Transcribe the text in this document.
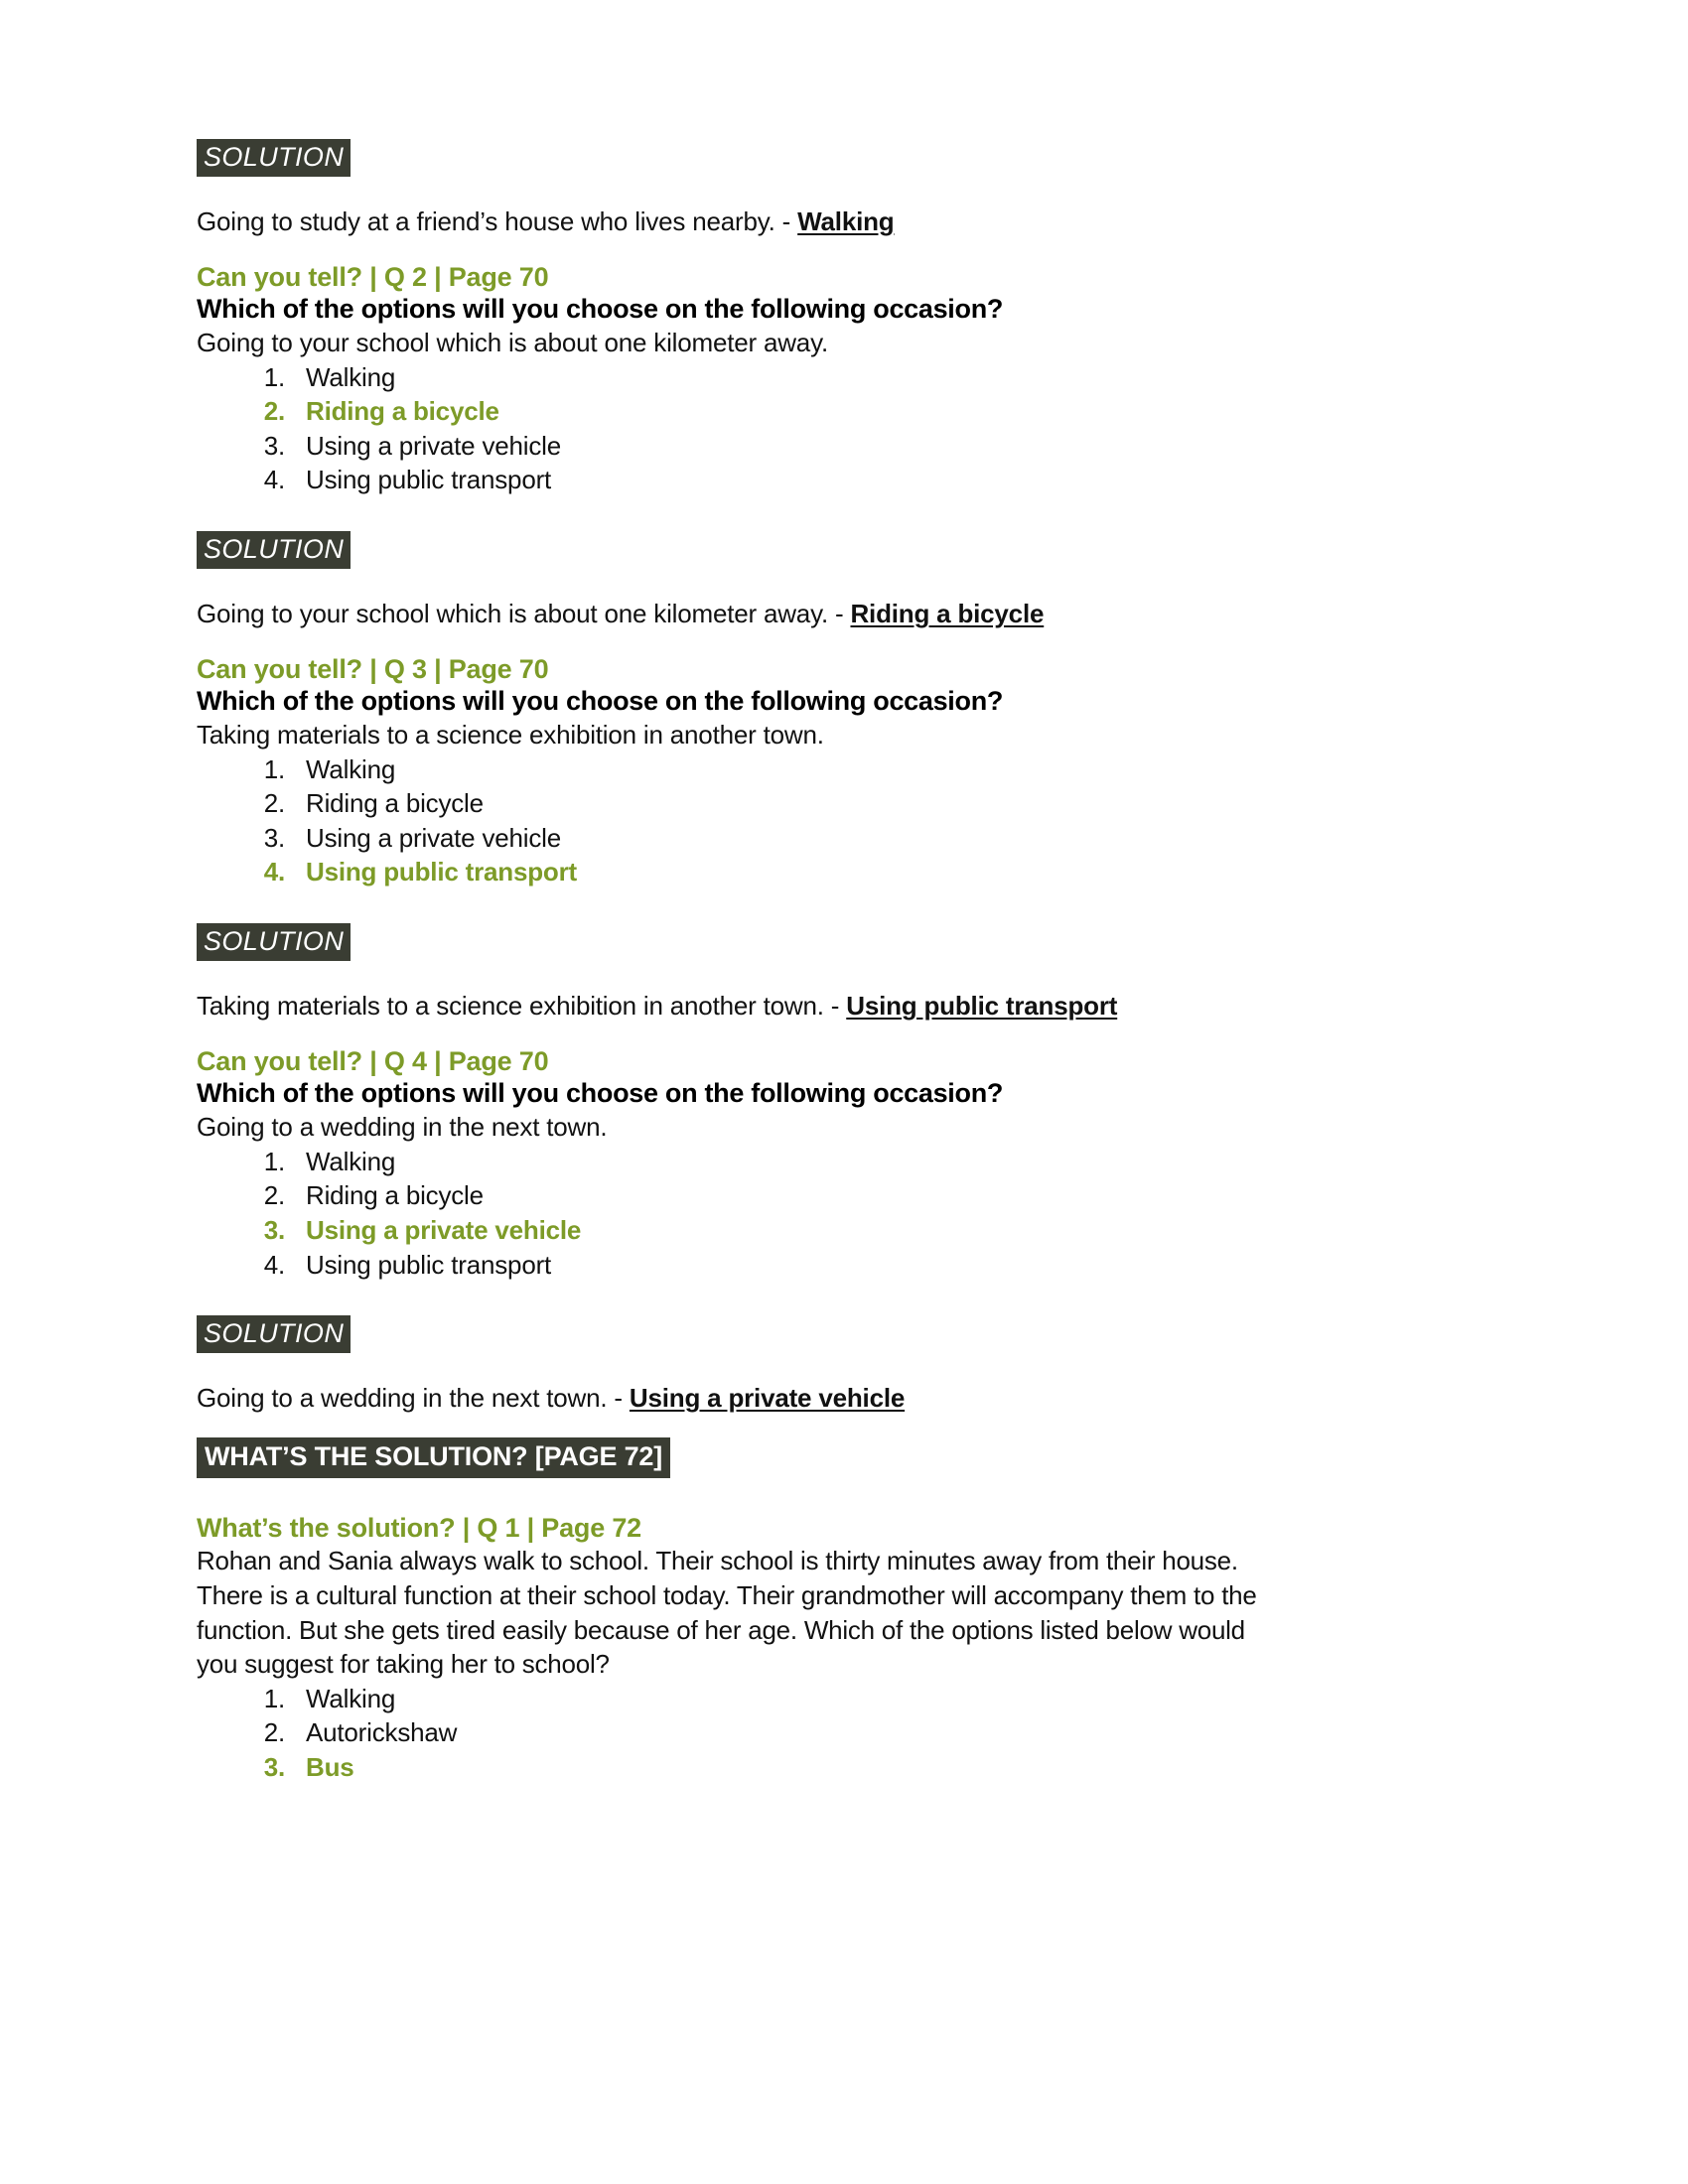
SOLUTION

Going to study at a friend’s house who lives nearby. - Walking

Can you tell? | Q 2 | Page 70

Which of the options will you choose on the following occasion?

Going to your school which is about one kilometer away.

1. Walking
2. Riding a bicycle
3. Using a private vehicle
4. Using public transport
SOLUTION

Going to your school which is about one kilometer away. - Riding a bicycle

Can you tell? | Q 3 | Page 70

Which of the options will you choose on the following occasion?

Taking materials to a science exhibition in another town.

1. Walking
2. Riding a bicycle
3. Using a private vehicle
4. Using public transport
SOLUTION

Taking materials to a science exhibition in another town. - Using public transport

Can you tell? | Q 4 | Page 70

Which of the options will you choose on the following occasion?

Going to a wedding in the next town.

1. Walking
2. Riding a bicycle
3. Using a private vehicle
4. Using public transport
SOLUTION

Going to a wedding in the next town. - Using a private vehicle

WHAT’S THE SOLUTION? [PAGE 72]

What’s the solution? | Q 1 | Page 72

Rohan and Sania always walk to school. Their school is thirty minutes away from their house. There is a cultural function at their school today. Their grandmother will accompany them to the function. But she gets tired easily because of her age. Which of the options listed below would you suggest for taking her to school?

1. Walking
2. Autorickshaw
3. Bus
